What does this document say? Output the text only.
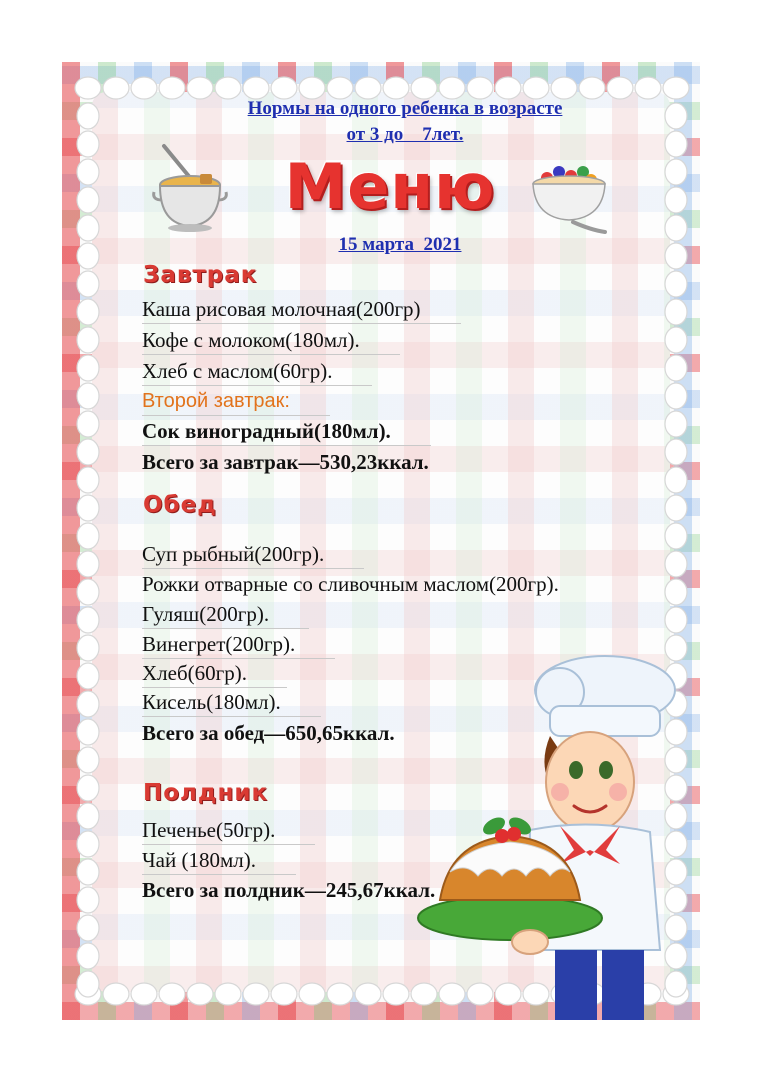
Нормы на одного ребенка в возрасте
от 3 до    7лет.
Меню
15 марта  2021
Завтрак
Каша рисовая молочная(200гр)
Кофе с молоком(180мл).
Хлеб с маслом(60гр).
Второй завтрак:
Сок виноградный(180мл).
Всего за завтрак—530,23ккал.
Обед
Суп рыбный(200гр).
Рожки отварные со сливочным маслом(200гр).
Гуляш(200гр).
Винегрет(200гр).
Хлеб(60гр).
Кисель(180мл).
Всего за обед—650,65ккал.
Полдник
Печенье(50гр).
Чай (180мл).
Всего за полдник—245,67ккал.
